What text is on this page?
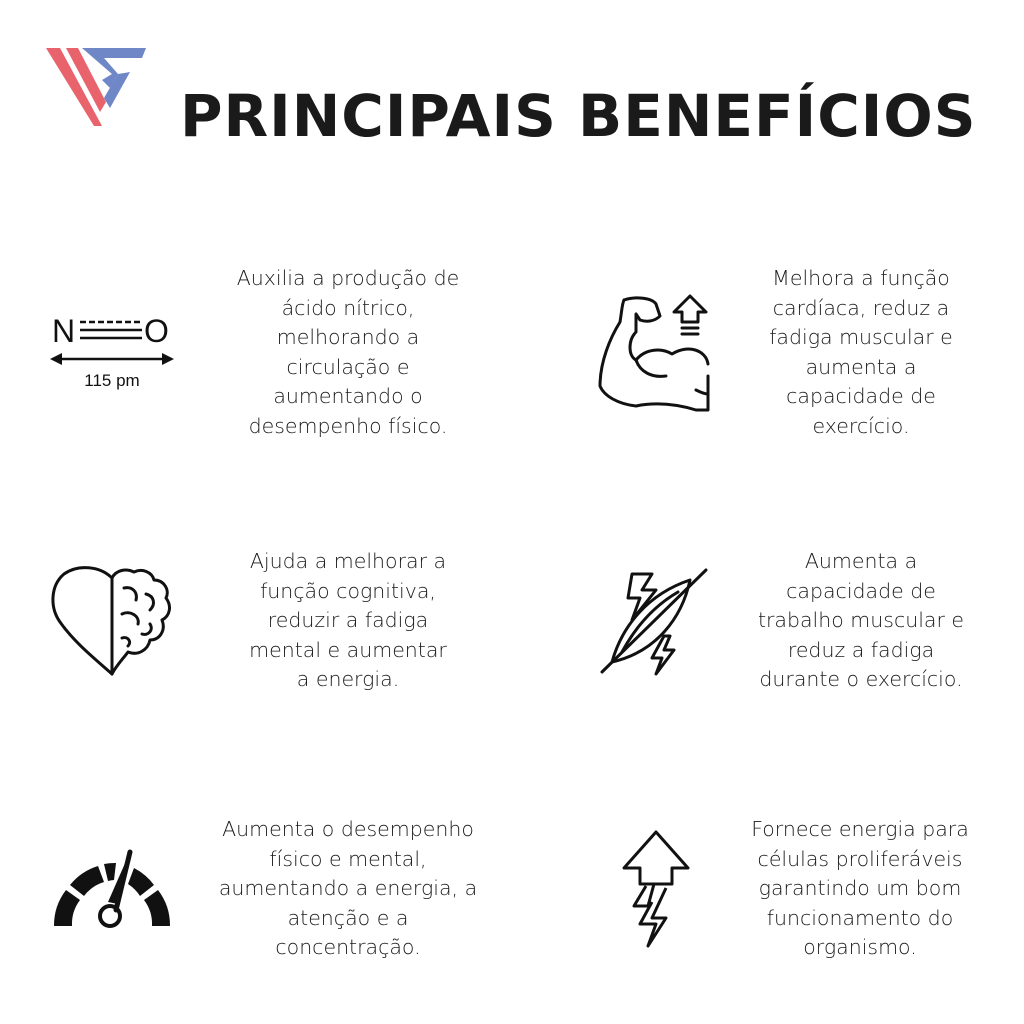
PRINCIPAIS BENEFÍCIOS
N O
115 pm
Auxilia a produção de
ácido nítrico,
melhorando a
circulação e
aumentando o
desempenho físico.
Melhora a função
cardíaca, reduz a
fadiga muscular e
aumenta a
capacidade de
exercício.
Ajuda a melhorar a
função cognitiva,
reduzir a fadiga
mental e aumentar
a energia.
Aumenta a
capacidade de
trabalho muscular e
reduz a fadiga
durante o exercício.
Aumenta o desempenho
físico e mental,
aumentando a energia, a
atenção e a
concentração.
Fornece energia para
células proliferáveis
garantindo um bom
funcionamento do
organismo.
